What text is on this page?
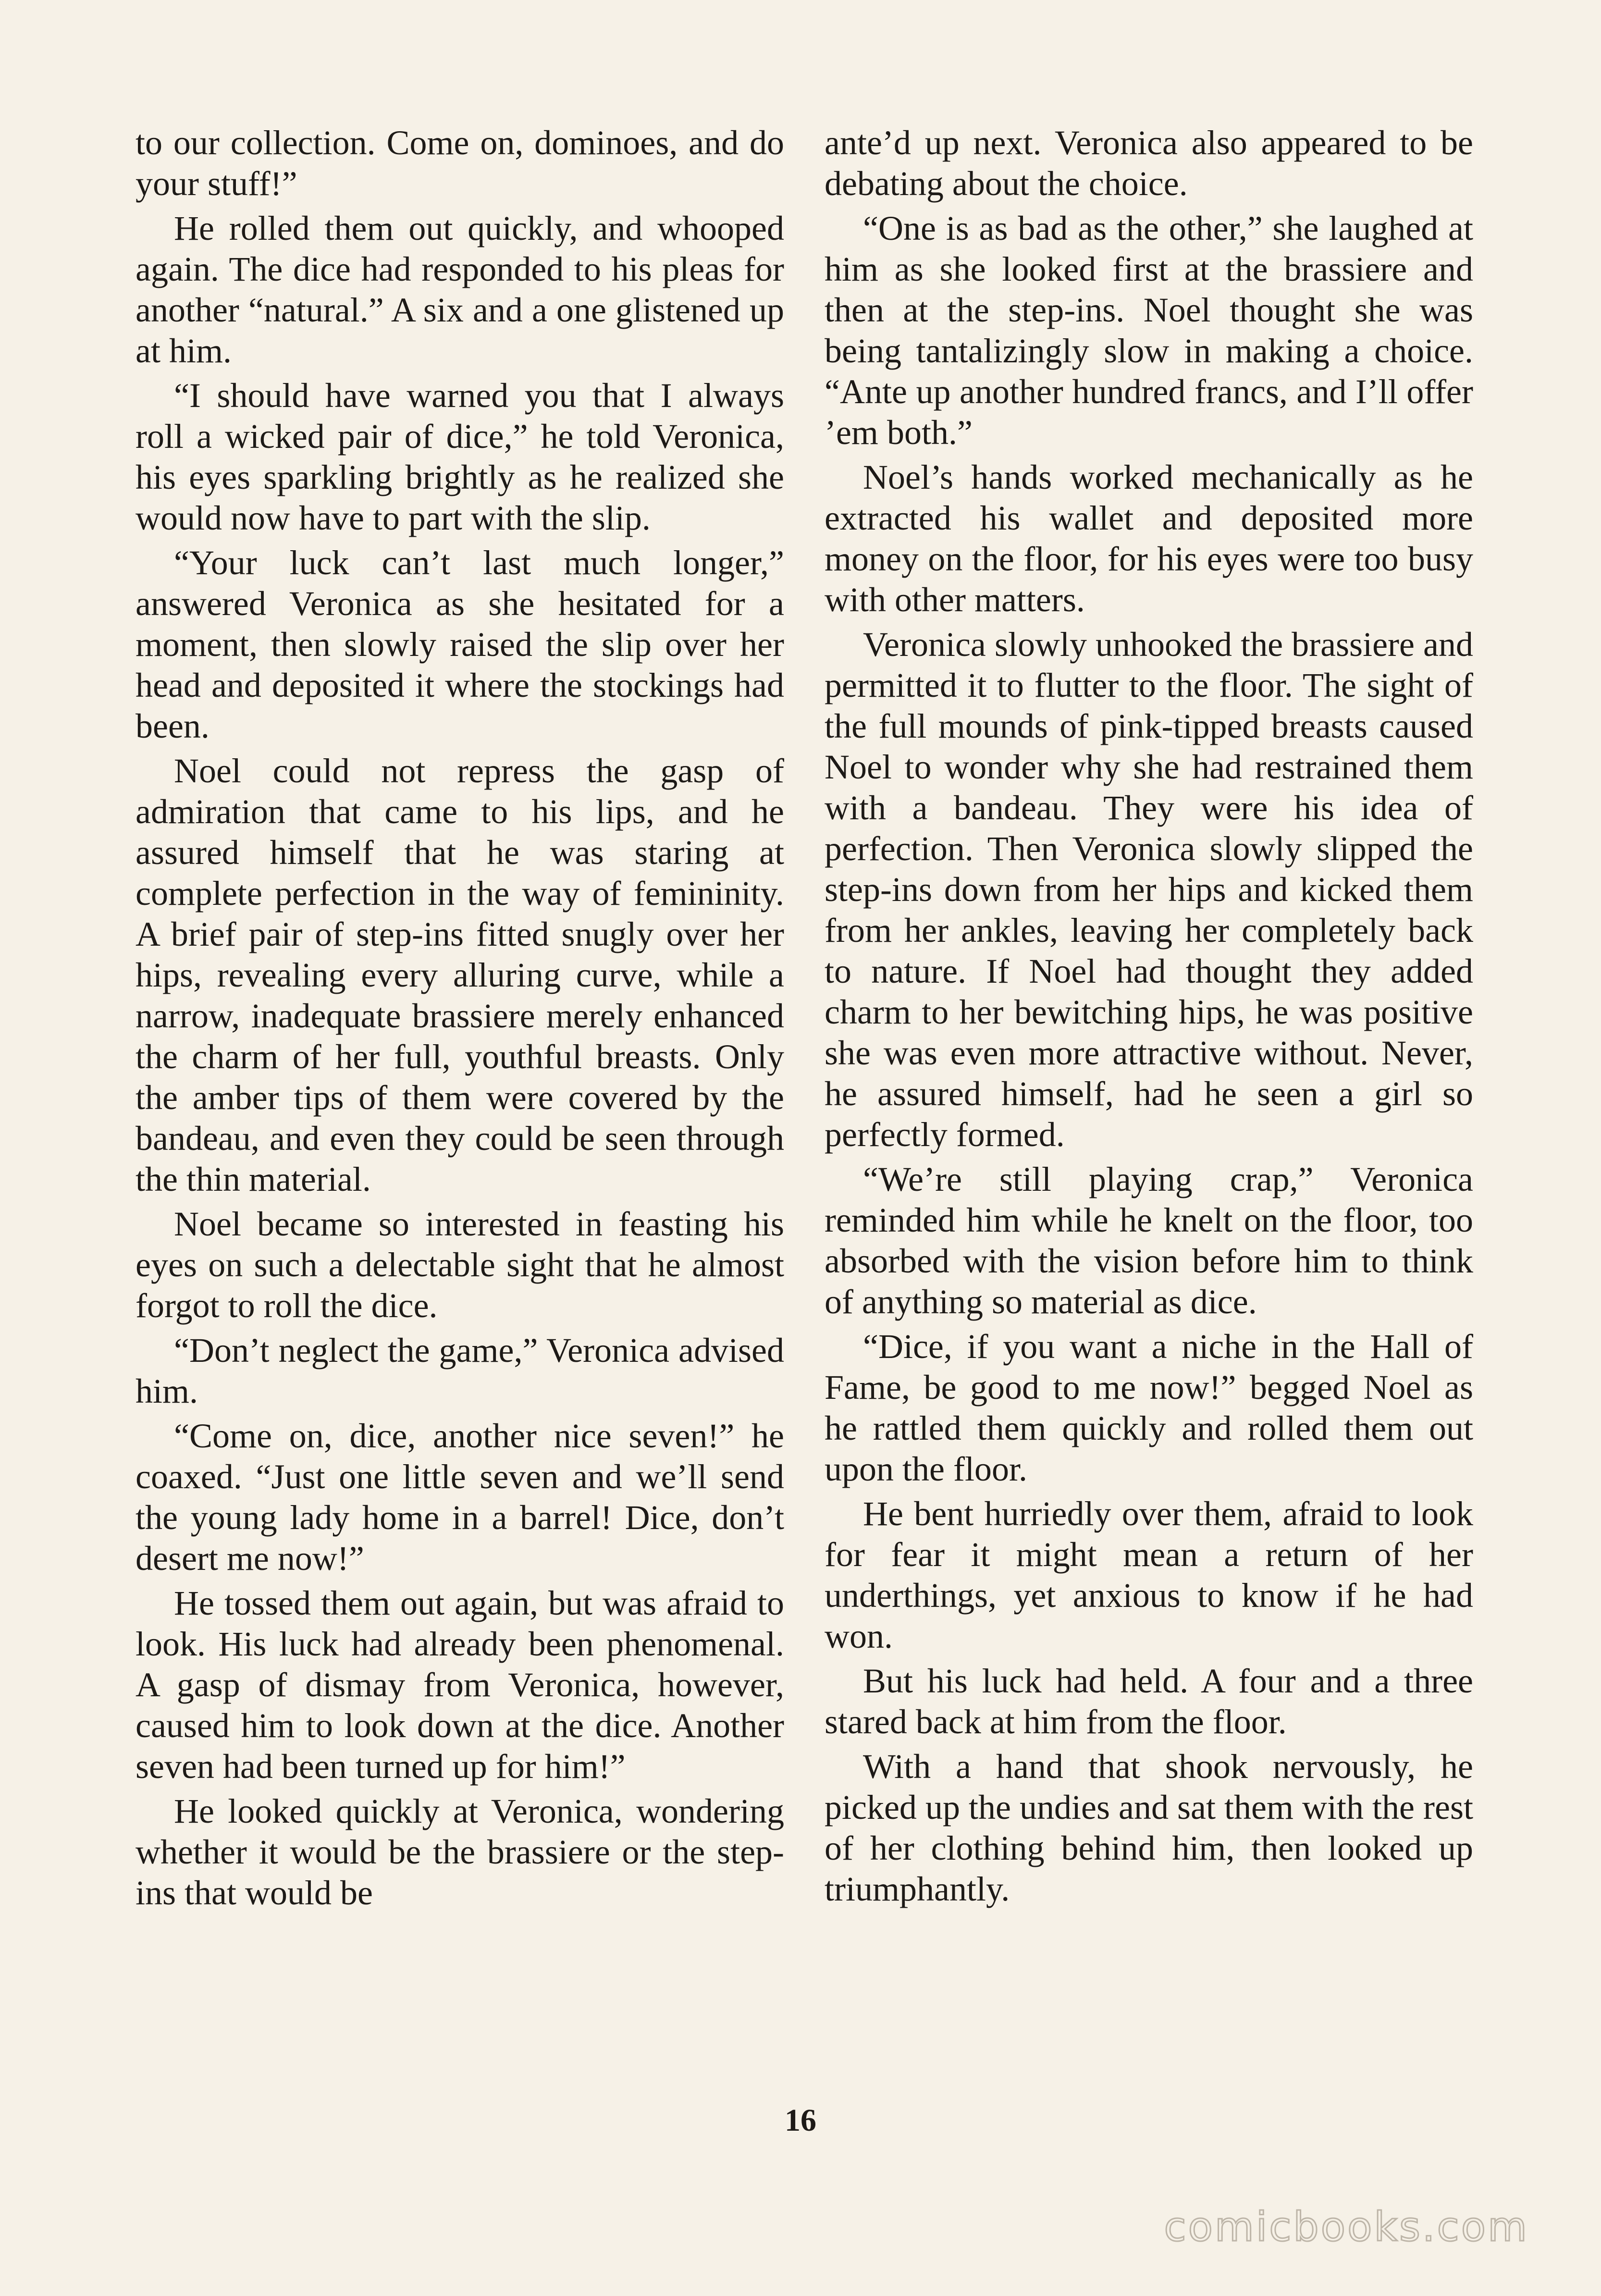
to our collection. Come on, dominoes, and do your stuff!”

He rolled them out quickly, and whooped again. The dice had responded to his pleas for another “natural.” A six and a one glistened up at him.

“I should have warned you that I always roll a wicked pair of dice,” he told Veronica, his eyes sparkling brightly as he realized she would now have to part with the slip.

“Your luck can’t last much longer,” answered Veronica as she hesitated for a moment, then slowly raised the slip over her head and deposited it where the stockings had been.

Noel could not repress the gasp of admiration that came to his lips, and he assured himself that he was staring at complete perfection in the way of femininity. A brief pair of step-ins fitted snugly over her hips, revealing every alluring curve, while a narrow, inadequate brassiere merely enhanced the charm of her full, youthful breasts. Only the amber tips of them were covered by the bandeau, and even they could be seen through the thin material.

Noel became so interested in feasting his eyes on such a delectable sight that he almost forgot to roll the dice.

“Don’t neglect the game,” Veronica advised him.

“Come on, dice, another nice seven!” he coaxed. “Just one little seven and we’ll send the young lady home in a barrel! Dice, don’t desert me now!”

He tossed them out again, but was afraid to look. His luck had already been phenomenal. A gasp of dismay from Veronica, however, caused him to look down at the dice. Another seven had been turned up for him!”

He looked quickly at Veronica, wondering whether it would be the brassiere or the step-ins that would be

ante’d up next. Veronica also appeared to be debating about the choice.

“One is as bad as the other,” she laughed at him as she looked first at the brassiere and then at the step-ins. Noel thought she was being tantalizingly slow in making a choice. “Ante up another hundred francs, and I’ll offer ’em both.”

Noel’s hands worked mechanically as he extracted his wallet and deposited more money on the floor, for his eyes were too busy with other matters.

Veronica slowly unhooked the brassiere and permitted it to flutter to the floor. The sight of the full mounds of pink-tipped breasts caused Noel to wonder why she had restrained them with a bandeau. They were his idea of perfection. Then Veronica slowly slipped the step-ins down from her hips and kicked them from her ankles, leaving her completely back to nature. If Noel had thought they added charm to her bewitching hips, he was positive she was even more attractive without. Never, he assured himself, had he seen a girl so perfectly formed.

“We’re still playing crap,” Veronica reminded him while he knelt on the floor, too absorbed with the vision before him to think of anything so material as dice.

“Dice, if you want a niche in the Hall of Fame, be good to me now!” begged Noel as he rattled them quickly and rolled them out upon the floor.

He bent hurriedly over them, afraid to look for fear it might mean a return of her underthings, yet anxious to know if he had won.

But his luck had held. A four and a three stared back at him from the floor.

With a hand that shook nervously, he picked up the undies and sat them with the rest of her clothing behind him, then looked up triumphantly.

16
comicbooks.com
